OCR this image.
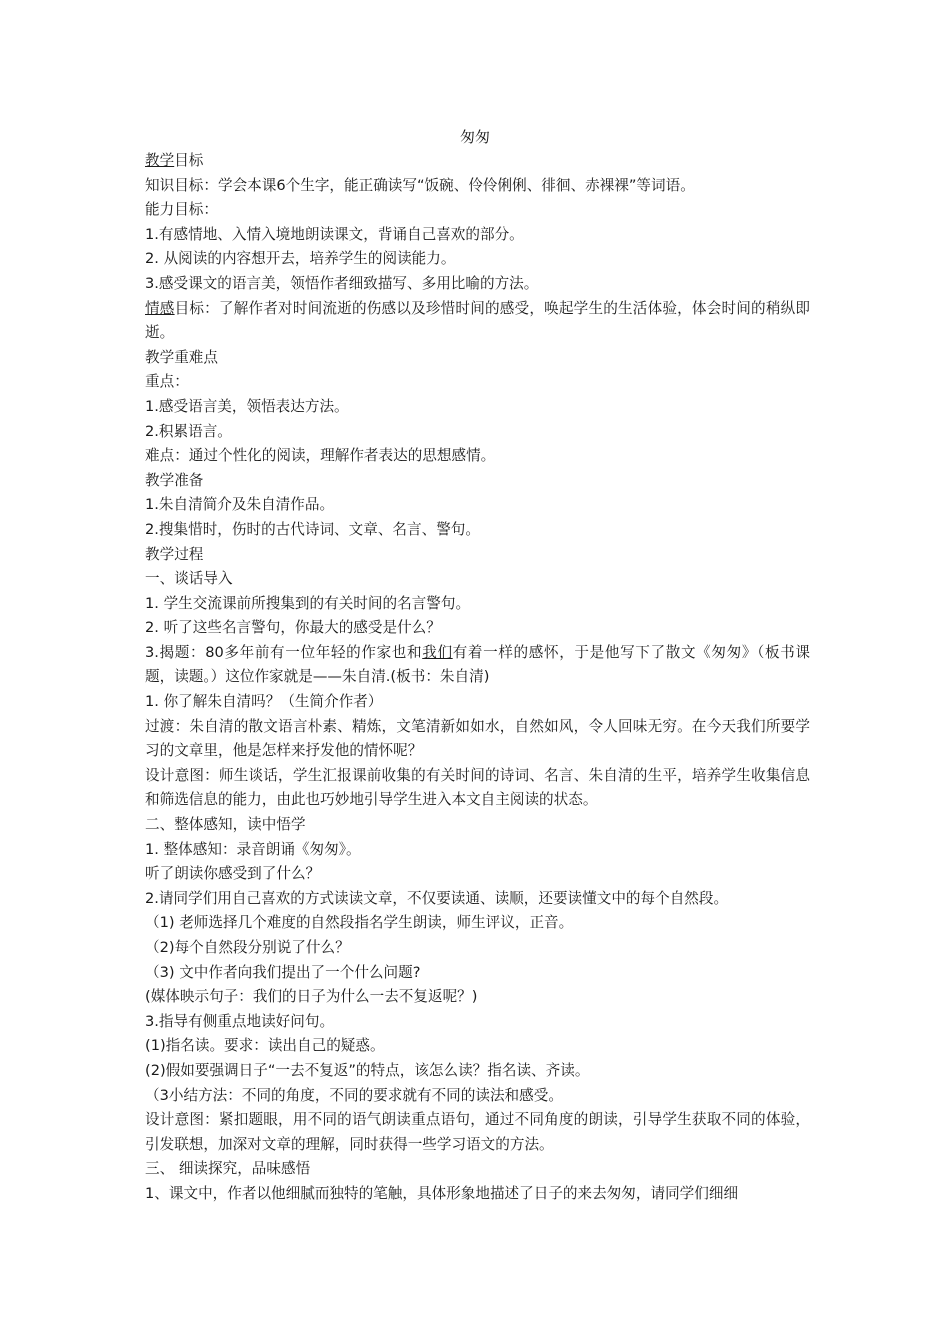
匆匆

教学目标

知识目标：学会本课6个生字，能正确读写“饭碗、伶伶俐俐、徘徊、赤裸裸”等词语。

能力目标：

1.有感情地、入情入境地朗读课文，背诵自己喜欢的部分。

2. 从阅读的内容想开去，培养学生的阅读能力。

3.感受课文的语言美，领悟作者细致描写、多用比喻的方法。

情感目标：了解作者对时间流逝的伤感以及珍惜时间的感受，唤起学生的生活体验，体会时间的稍纵即逝。

教学重难点

重点：

1.感受语言美，领悟表达方法。

2.积累语言。

难点：通过个性化的阅读，理解作者表达的思想感情。

教学准备

1.朱自清简介及朱自清作品。

2.搜集惜时，伤时的古代诗词、文章、名言、警句。

教学过程

一、谈话导入

1. 学生交流课前所搜集到的有关时间的名言警句。

2. 听了这些名言警句，你最大的感受是什么？

3.揭题：80多年前有一位年轻的作家也和我们有着一样的感怀，于是他写下了散文《匆匆》（板书课题，读题。）这位作家就是——朱自清.(板书：朱自清)

1. 你了解朱自清吗？（生简介作者）

过渡：朱自清的散文语言朴素、精炼，文笔清新如如水，自然如风，令人回味无穷。在今天我们所要学习的文章里，他是怎样来抒发他的情怀呢？

设计意图：师生谈话，学生汇报课前收集的有关时间的诗词、名言、朱自清的生平，培养学生收集信息和筛选信息的能力，由此也巧妙地引导学生进入本文自主阅读的状态。

二、整体感知，读中悟学

1. 整体感知：录音朗诵《匆匆》。

听了朗读你感受到了什么？

2.请同学们用自己喜欢的方式读读文章，不仅要读通、读顺，还要读懂文中的每个自然段。

（1) 老师选择几个难度的自然段指名学生朗读，师生评议，正音。

（2)每个自然段分别说了什么？

（3) 文中作者向我们提出了一个什么问题?

(媒体映示句子：我们的日子为什么一去不复返呢？)

3.指导有侧重点地读好问句。

(1)指名读。要求：读出自己的疑惑。

(2)假如要强调日子“一去不复返”的特点，该怎么读？指名读、齐读。

（3小结方法：不同的角度，不同的要求就有不同的读法和感受。

设计意图：紧扣题眼，用不同的语气朗读重点语句，通过不同角度的朗读，引导学生获取不同的体验，引发联想，加深对文章的理解，同时获得一些学习语文的方法。

三、 细读探究，品味感悟

1、课文中，作者以他细腻而独特的笔触，具体形象地描述了日子的来去匆匆，请同学们细细
